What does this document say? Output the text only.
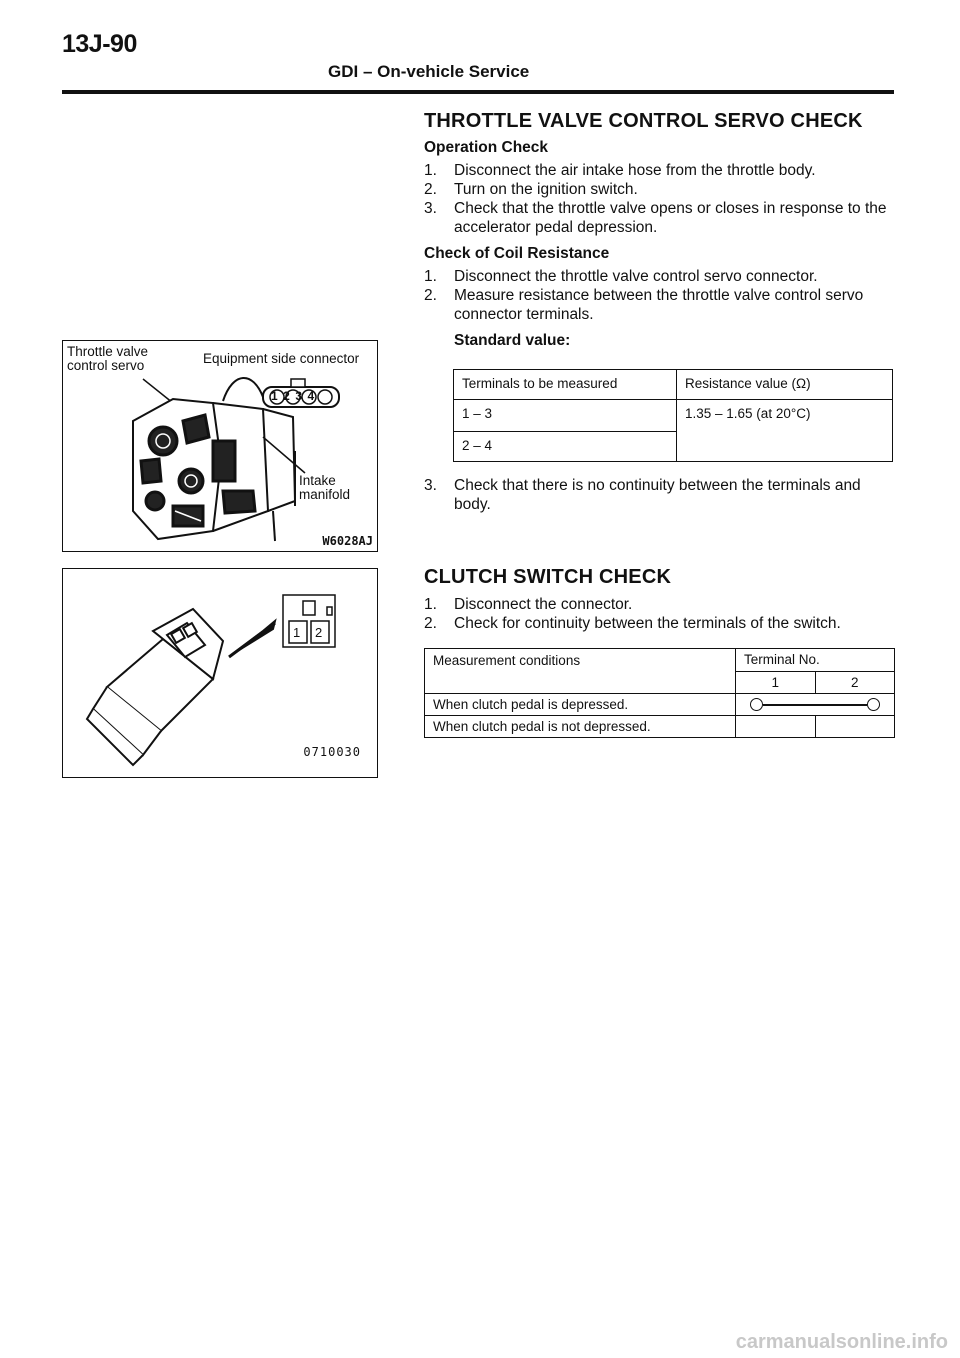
13J-90
GDI – On-vehicle Service
Throttle valve
control servo	Equipment side connector
1234
Intake
manifold
W6028AJ
1 2
0710030
THROTTLE VALVE CONTROL SERVO CHECK
Operation Check
1.	Disconnect the air intake hose from the throttle body.
2.	Turn on the ignition switch.
3.	Check that the throttle valve opens or closes in response to the accelerator pedal depression.
Check of Coil Resistance
1.	Disconnect the throttle valve control servo connector.
2.	Measure resistance between the throttle valve control servo connector terminals.
Standard value:
Terminals to be measured	Resistance value (Ω)
1 – 3	1.35 – 1.65 (at 20°C)
2 – 4	
3.	Check that there is no continuity between the terminals and body.
CLUTCH SWITCH CHECK
1.	Disconnect the connector.
2.	Check for continuity between the terminals of the switch.
Measurement conditions	Terminal No.	
	1	2
When clutch pedal is depressed.		

When clutch pedal is not depressed.		
carmanualsonline.info
